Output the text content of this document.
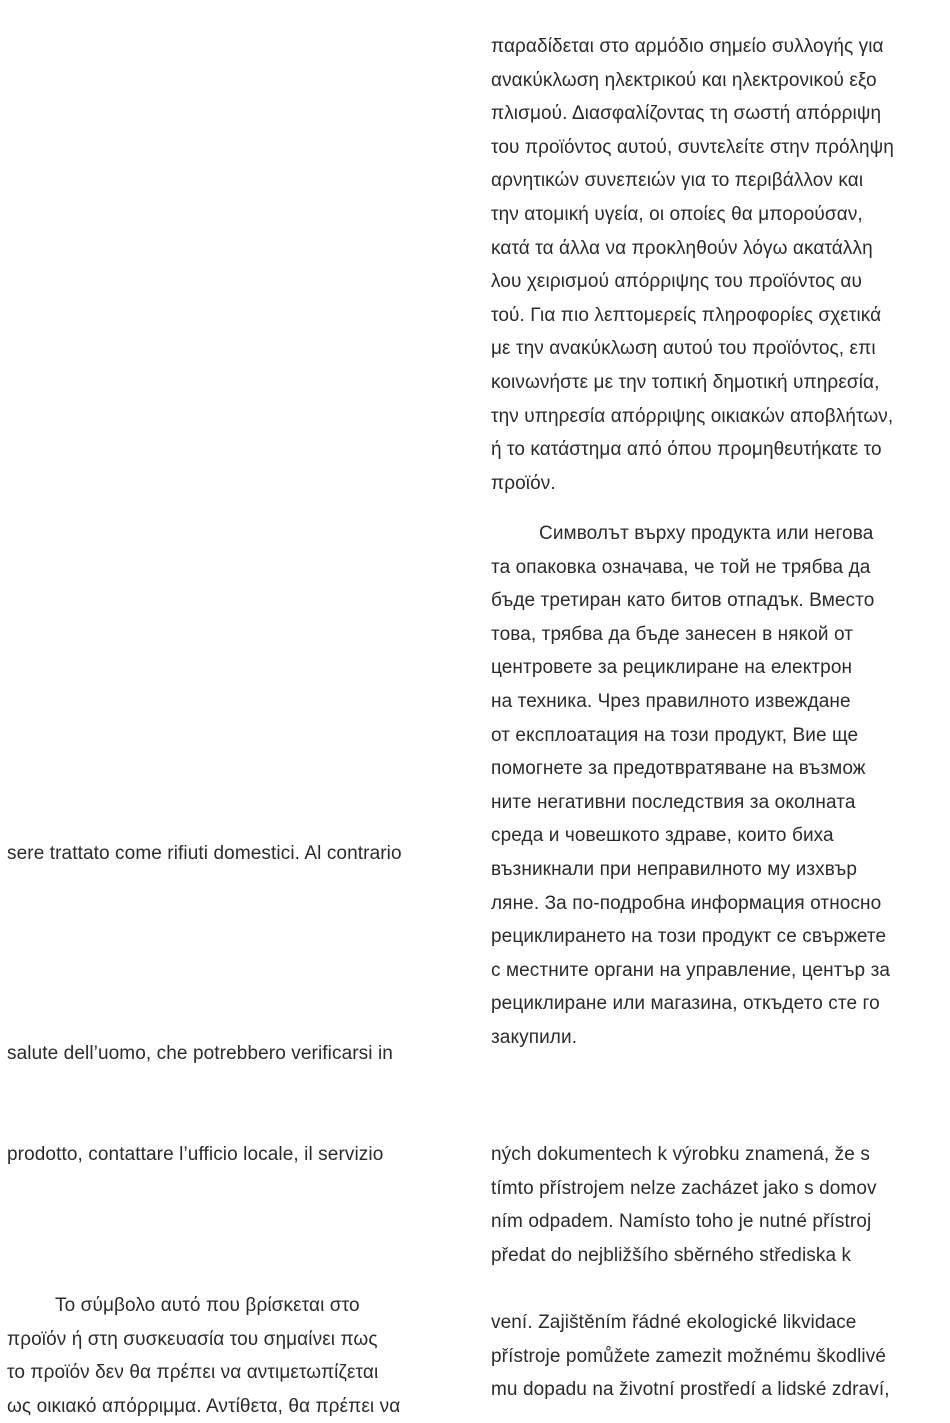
παραδίδεται στο αρμόδιο σημείο συλλογής για
ανακύκλωση ηλεκτρικού και ηλεκτρονικού εξο
πλισμού. Διασφαλίζοντας τη σωστή απόρριψη
του προϊόντος αυτού, συντελείτε στην πρόληψη
αρνητικών συνεπειών για το περιβάλλον και
την ατομική υγεία, οι οποίες θα μπορούσαν,
κατά τα άλλα να προκληθούν λόγω ακατάλλη
λου χειρισμού απόρριψης του προϊόντος αυ
τού. Για πιο λεπτομερείς πληροφορίες σχετικά
με την ανακύκλωση αυτού του προϊόντος, επι
κοινωνήστε με την τοπική δημοτική υπηρεσία,
την υπηρεσία απόρριψης οικιακών αποβλήτων,
ή το κατάστημα από όπου προμηθευτήκατε το
προϊόν.
Символът върху продукта или негова
та опаковка означава, че той не трябва да
бъде третиран като битов отпадък. Вместо
това, трябва да бъде занесен в някой от
центровете за рециклиране на електрон
на техника. Чрез правилното извеждане
от експлоатация на този продукт, Вие ще
помогнете за предотвратяване на възмож
ните негативни последствия за околната
среда и човешкото здраве, които биха
възникнали при неправилното му изхвър
ляне. За по-подробна информация относно
рециклирането на този продукт се свържете
с местните органи на управление, център за
рециклиране или магазина, откъдето сте го
закупили.
sere trattato come rifiuti domestici. Al contrario
salute dell’uomo, che potrebbero verificarsi in
prodotto, contattare l’ufficio locale, il servizio	ných dokumentech k výrobku znamená, že s
tímto přístrojem nelze zacházet jako s domov
ním odpadem. Namísto toho je nutné přístroj
předat do nejbližšího sběrného střediska k
vení. Zajištěním řádné ekologické likvidace
přístroje pomůžete zamezit možnému škodlivé
mu dopadu na životní prostředí a lidské zdraví,
Το σύμβολο αυτό που βρίσκεται στο
προϊόν ή στη συσκευασία του σημαίνει πως
το προϊόν δεν θα πρέπει να αντιμετωπίζεται
ως οικιακό απόρριμμα. Αντίθετα, θα πρέπει να
